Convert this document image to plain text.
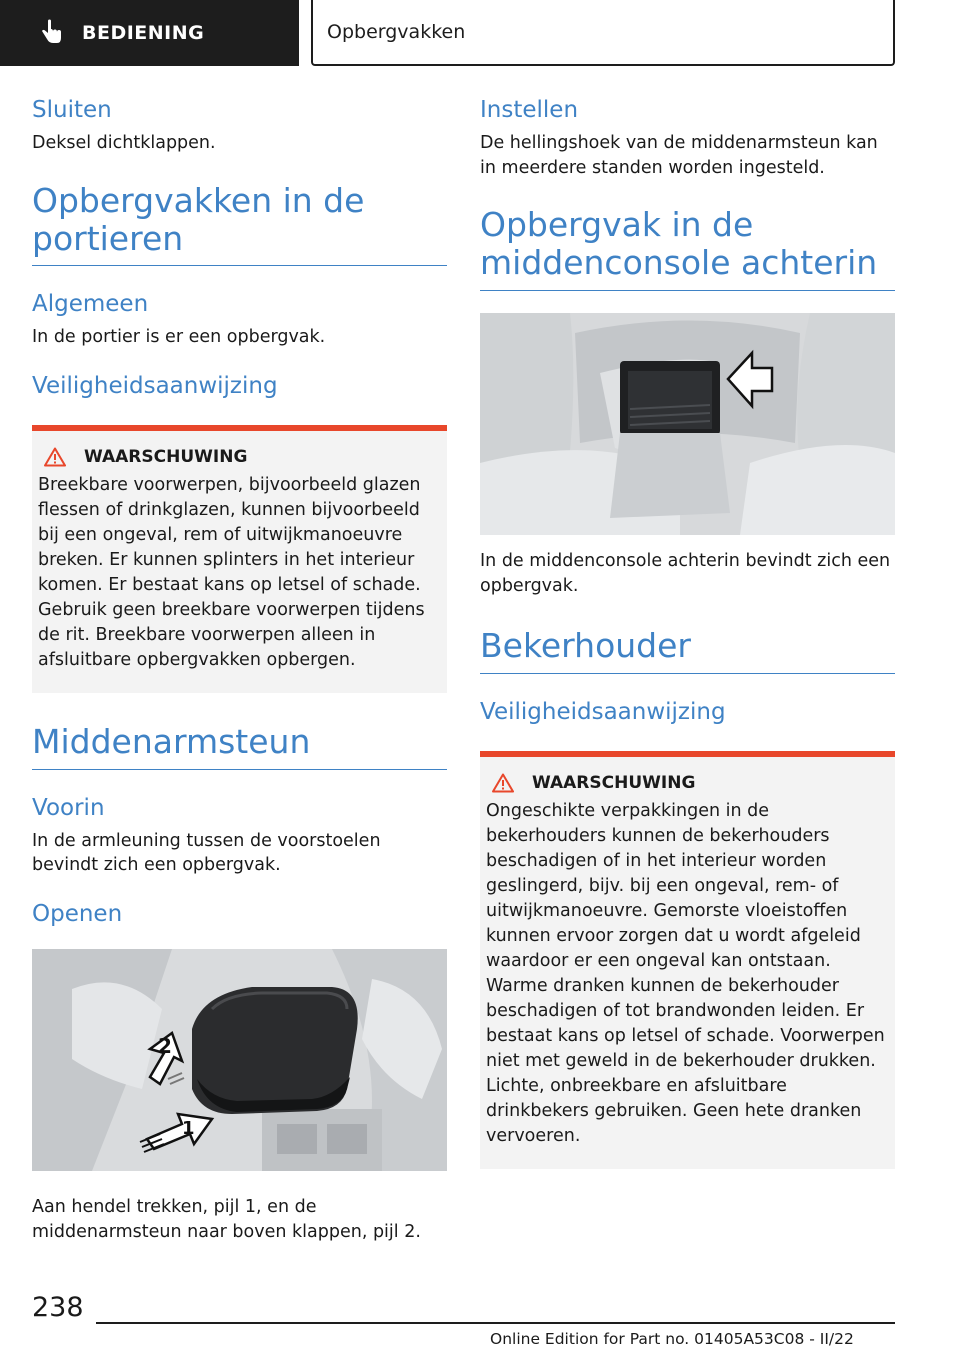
BEDIENING	Opbergvakken
Sluiten
Deksel dichtklappen.
Opbergvakken in de portieren
Algemeen
In de portier is er een opbergvak.
Veiligheidsaanwijzing
WAARSCHUWING
Breekbare voorwerpen, bijvoorbeeld glazen flessen of drinkglazen, kunnen bijvoorbeeld bij een ongeval, rem of uitwijkmanoeuvre breken. Er kunnen splinters in het interieur komen. Er bestaat kans op letsel of schade. Gebruik geen breekbare voorwerpen tijdens de rit. Breekbare voorwerpen alleen in afsluitbare opbergvakken opbergen.
Middenarmsteun
Voorin
In de armleuning tussen de voorstoelen bevindt zich een opbergvak.
Openen
2
1
Aan hendel trekken, pijl 1, en de middenarmsteun naar boven klappen, pijl 2.
Instellen
De hellingshoek van de middenarmsteun kan in meerdere standen worden ingesteld.
Opbergvak in de middenconsole achterin
In de middenconsole achterin bevindt zich een opbergvak.
Bekerhouder
Veiligheidsaanwijzing
WAARSCHUWING
Ongeschikte verpakkingen in de bekerhouders kunnen de bekerhouders beschadigen of in het interieur worden geslingerd, bijv. bij een ongeval, rem- of uitwijkmanoeuvre. Gemorste vloeistoffen kunnen ervoor zorgen dat u wordt afgeleid waardoor er een ongeval kan ontstaan. Warme dranken kunnen de bekerhouder beschadigen of tot brandwonden leiden. Er bestaat kans op letsel of schade. Voorwerpen niet met geweld in de bekerhouder drukken. Lichte, onbreekbare en afsluitbare drinkbekers gebruiken. Geen hete dranken vervoeren.
238
Online Edition for Part no. 01405A53C08 - II/22
